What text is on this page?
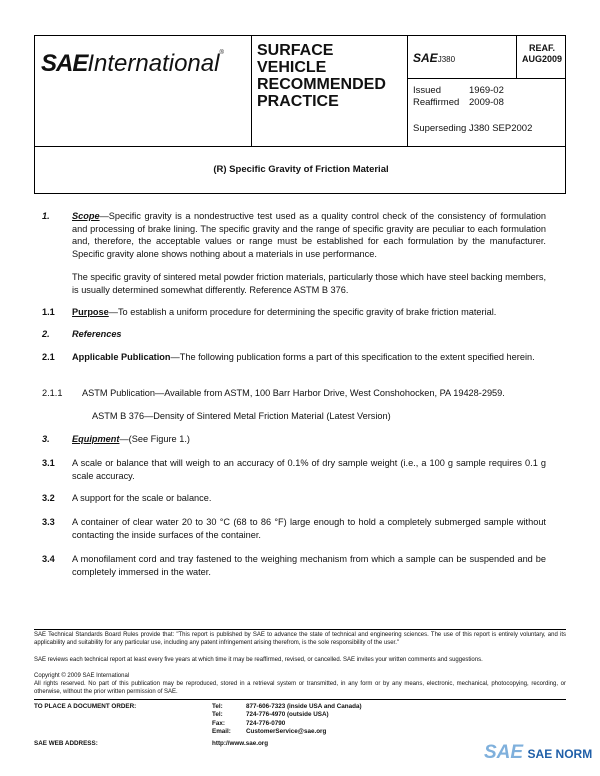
SAEInternational® SURFACE
VEHICLE
RECOMMENDED
PRACTICE
SAEJ380
REAF.
AUG2009
Issued	1969-02
Reaffirmed 2009-08
Superseding J380 SEP2002
(R) Specific Gravity of Friction Material
1. Scope—Specific gravity is a nondestructive test used as a quality control check of the consistency of formulation and processing of brake lining. The specific gravity and the range of specific gravity are peculiar to each formulation and, therefore, the acceptable values or range must be established for each formulation by the manufacturer. Specific gravity alone shows nothing about a materials in use performance.
The specific gravity of sintered metal powder friction materials, particularly those which have steel backing members, is usually determined somewhat differently. Reference ASTM B 376.
1.1 Purpose—To establish a uniform procedure for determining the specific gravity of brake friction material.
2. References
2.1 Applicable Publication—The following publication forms a part of this specification to the extent specified herein.
2.1.1 ASTM Publication—Available from ASTM, 100 Barr Harbor Drive, West Conshohocken, PA 19428-2959.
ASTM B 376—Density of Sintered Metal Friction Material (Latest Version)
3. Equipment—(See Figure 1.)
3.1 A scale or balance that will weigh to an accuracy of 0.1% of dry sample weight (i.e., a 100 g sample requires 0.1 g scale accuracy.
3.2 A support for the scale or balance.
3.3 A container of clear water 20 to 30 °C (68 to 86 °F) large enough to hold a completely submerged sample without contacting the inside surfaces of the container.
3.4 A monofilament cord and tray fastened to the weighing mechanism from which a sample can be suspended and be completely immersed in the water.
SAE Technical Standards Board Rules provide that: "This report is published by SAE to advance the state of technical and engineering sciences. The use of this report is entirely voluntary, and its applicability and suitability for any particular use, including any patent infringement arising therefrom, is the sole responsibility of the user."
SAE reviews each technical report at least every five years at which time it may be reaffirmed, revised, or cancelled. SAE invites your written comments and suggestions.
Copyright © 2009 SAE International
All rights reserved. No part of this publication may be reproduced, stored in a retrieval system or transmitted, in any form or by any means, electronic, mechanical, photocopying, recording, or otherwise, without the prior written permission of SAE.
TO PLACE A DOCUMENT ORDER:	Tel:	877-606-7323 (inside USA and Canada)
Tel:	724-776-4970 (outside USA)
Fax:	724-776-0790
Email: CustomerService@sae.org
SAE WEB ADDRESS:	http://www.sae.org	SAE SAE NORM
